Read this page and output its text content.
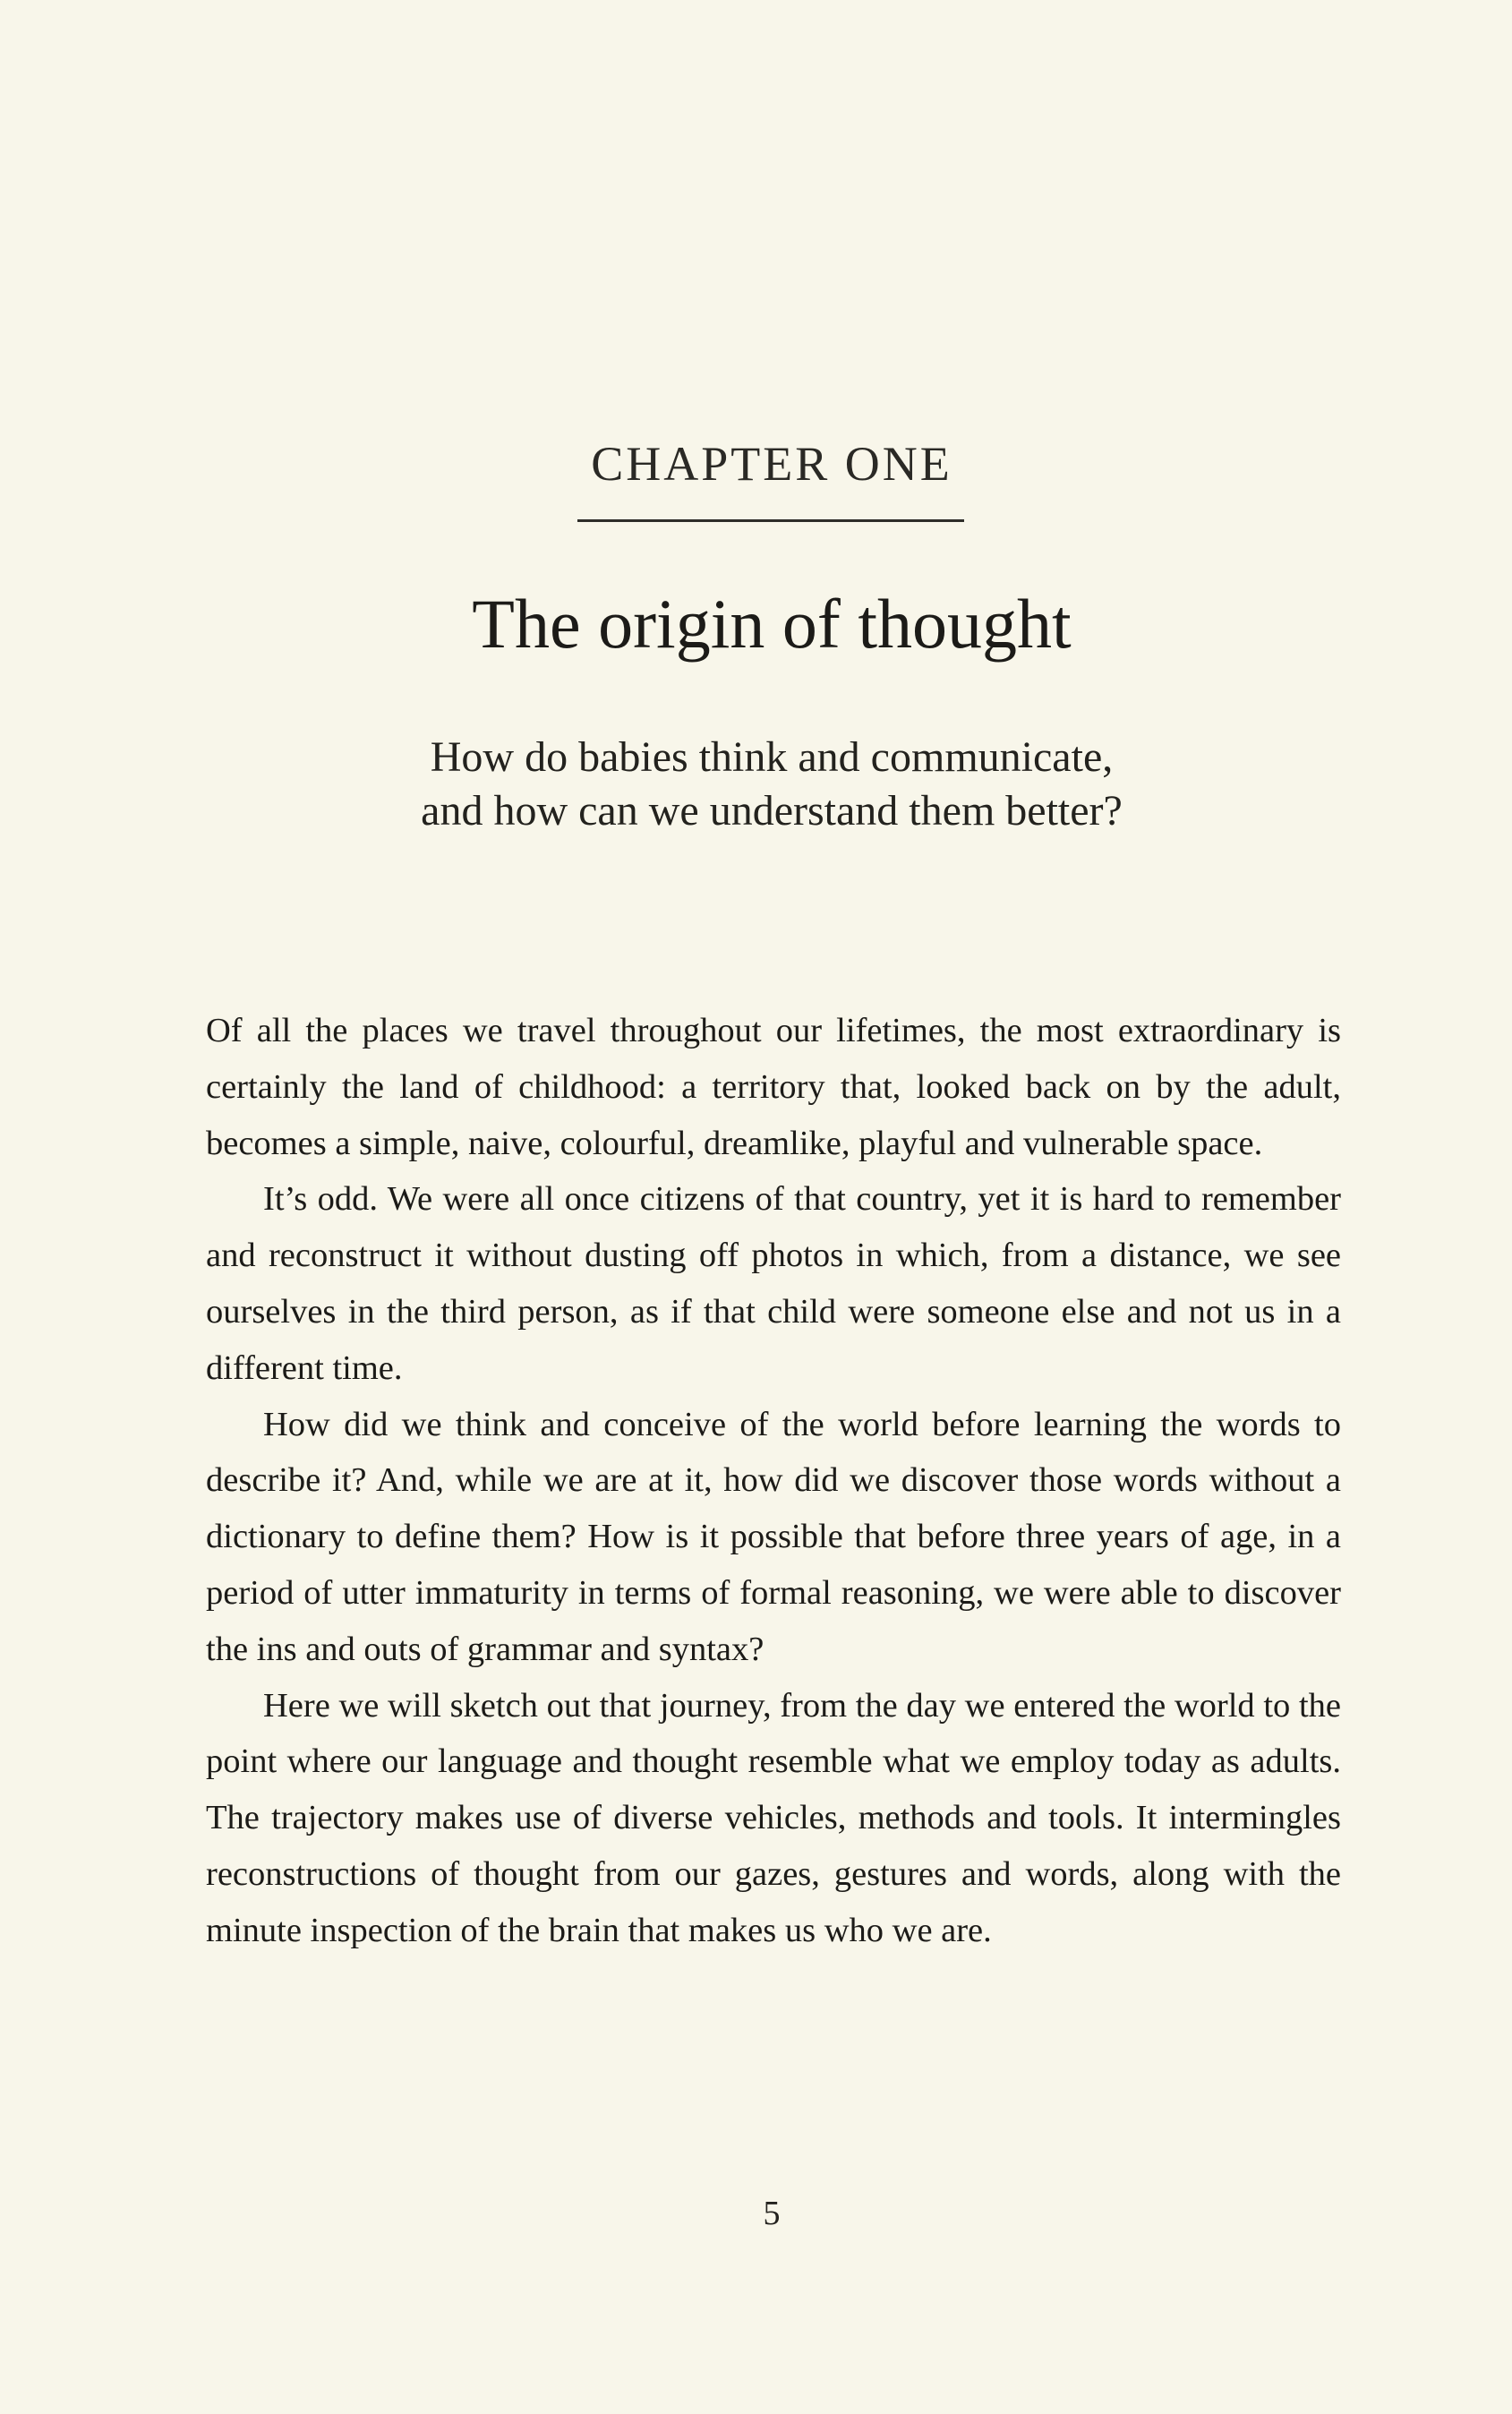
CHAPTER ONE
The origin of thought
How do babies think and communicate,
and how can we understand them better?

Of all the places we travel throughout our lifetimes, the most extraordinary is certainly the land of childhood: a territory that, looked back on by the adult, becomes a simple, naive, colourful, dreamlike, playful and vulnerable space.

It’s odd. We were all once citizens of that country, yet it is hard to remember and reconstruct it without dusting off photos in which, from a distance, we see ourselves in the third person, as if that child were someone else and not us in a different time.

How did we think and conceive of the world before learning the words to describe it? And, while we are at it, how did we discover those words without a dictionary to define them? How is it possible that before three years of age, in a period of utter immaturity in terms of formal reasoning, we were able to discover the ins and outs of grammar and syntax?

Here we will sketch out that journey, from the day we entered the world to the point where our language and thought resemble what we employ today as adults. The trajectory makes use of diverse vehicles, methods and tools. It intermingles reconstructions of thought from our gazes, gestures and words, along with the minute inspection of the brain that makes us who we are.

5
